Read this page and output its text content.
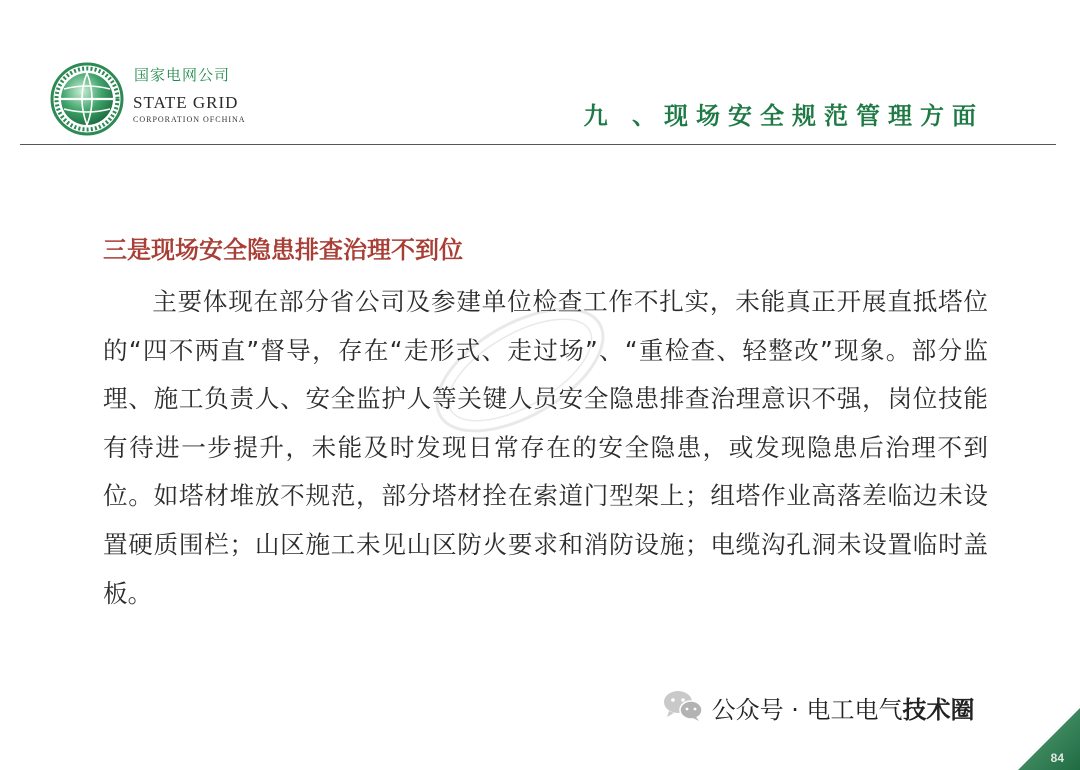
国家电网公司
STATE GRID
CORPORATION OFCHINA	九 、现场安全规范管理方面
三是现场安全隐患排查治理不到位
主要体现在部分省公司及参建单位检查工作不扎实，未能真正开展直抵塔位的“四不两直”督导，存在“走形式、走过场”、“重检查、轻整改”现象。部分监理、施工负责人、安全监护人等关键人员安全隐患排查治理意识不强，岗位技能有待进一步提升，未能及时发现日常存在的安全隐患，或发现隐患后治理不到位。如塔材堆放不规范，部分塔材拴在索道门型架上；组塔作业高落差临边未设置硬质围栏；山区施工未见山区防火要求和消防设施；电缆沟孔洞未设置临时盖板。
公众号 · 电工电气技术圈
84
